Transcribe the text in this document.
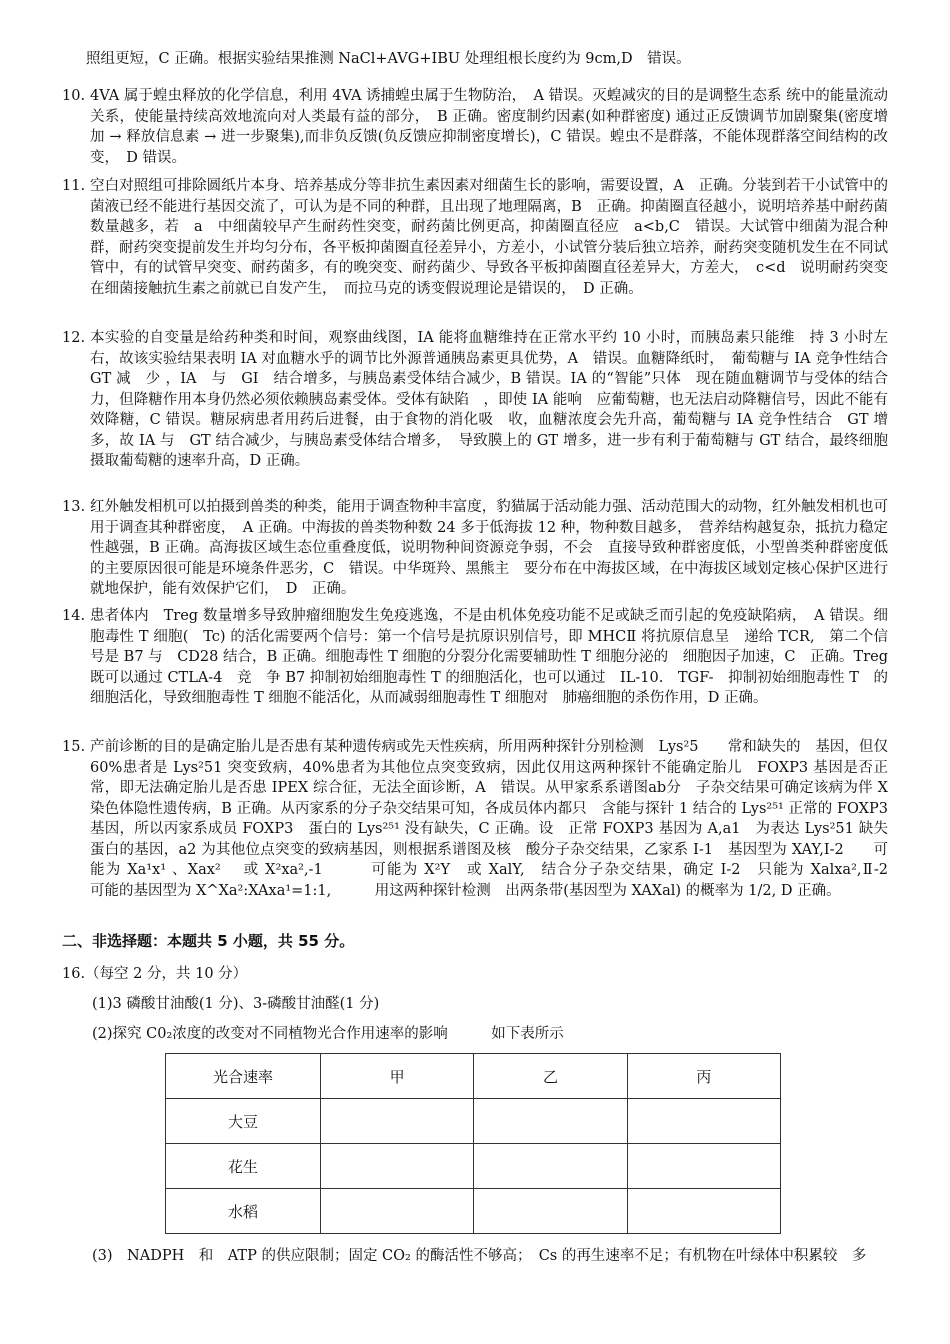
照组更短，C 正确。根据实验结果推测 NaCl+AVG+IBU 处理组根长度约为 9cm,D　错误。
10. 4VA 属于蝗虫释放的化学信息，利用 4VA 诱捕蝗虫属于生物防治，　A 错误。灭蝗减灾的目的是调整生态系 统中的能量流动关系，使能量持续高效地流向对人类最有益的部分，　B 正确。密度制约因素(如种群密度) 通过正反馈调节加剧聚集(密度增加 → 释放信息素 → 进一步聚集),而非负反馈(负反馈应抑制密度增长)，C 错误。蝗虫不是群落，不能体现群落空间结构的改变，　D 错误。
11. 空白对照组可排除圆纸片本身、培养基成分等非抗生素因素对细菌生长的影响，需要设置，A　正确。分装到若干小试管中的菌液已经不能进行基因交流了，可认为是不同的种群，且出现了地理隔离，B　正确。抑菌圈直径越小，说明培养基中耐药菌数量越多，若　a　中细菌较早产生耐药性突变，耐药菌比例更高，抑菌圈直径应　a<b,C　错误。大试管中细菌为混合种群，耐药突变提前发生并均匀分布，各平板抑菌圈直径差异小，方差小，小试管分装后独立培养，耐药突变随机发生在不同试管中，有的试管早突变、耐药菌多，有的晚突变、耐药菌少、导致各平板抑菌圈直径差异大，方差大，　c<d　说明耐药突变在细菌接触抗生素之前就已自发产生，　而拉马克的诱变假说理论是错误的，　D 正确。
12. 本实验的自变量是给药种类和时间，观察曲线图，IA 能将血糖维持在正常水平约 10 小时，而胰岛素只能维　持 3 小时左右，故该实验结果表明 IA 对血糖水乎的调节比外源普通胰岛素更具优势，A　错误。血糖降纸时，　葡萄糖与 IA 竞争性结合 GT 减　少 ，IA　与　GI　结合增多，与胰岛素受体结合减少，B 错误。IA 的“智能”只体　现在随血糖调节与受体的结合力，但降糖作用本身仍然必须依赖胰岛素受体。受体有缺陷　，即使 IA 能响　应葡萄糖，也无法启动降糖信号，因此不能有效降糖，C 错误。糖尿病患者用药后进餐，由于食物的消化吸　收，血糖浓度会先升高，葡萄糖与 IA 竞争性结合　GT 增多，故 IA 与　GT 结合减少，与胰岛素受体结合增多，　导致膜上的 GT 增多，进一步有利于葡萄糖与 GT 结合，最终细胞摄取葡萄糖的速率升高，D 正确。
13. 红外触发相机可以拍摄到兽类的种类，能用于调查物种丰富度，豹猫属于活动能力强、活动范围大的动物，红外触发相机也可用于调查其种群密度，　A 正确。中海拔的兽类物种数 24 多于低海拔 12 种，物种数目越多，　营养结构越复杂，抵抗力稳定性越强，B 正确。高海拔区域生态位重叠度低，说明物种间资源竞争弱，不会　直接导致种群密度低，小型兽类种群密度低的主要原因很可能是环境条件恶劣，C　错误。中华斑羚、黑熊主　要分布在中海拔区域，在中海拔区域划定核心保护区进行就地保护，能有效保护它们，　D　正确。
14. 患者体内　Treg 数量增多导致肿瘤细胞发生免疫逃逸，不是由机体免疫功能不足或缺乏而引起的免疫缺陷病，　A 错误。细胞毒性 T 细胞(　Tc) 的活化需要两个信号：第一个信号是抗原识别信号，即 MHCⅡ 将抗原信息呈　递给 TCR,　第二个信号是 B7 与　CD28 结合，B 正确。细胞毒性 T 细胞的分裂分化需要辅助性 T 细胞分泌的　细胞因子加速，C　正确。Treg 既可以通过 CTLA-4　竞　争 B7 抑制初始细胞毒性 T 的细胞活化，也可以通过　IL-10.　TGF-　抑制初始细胞毒性 T　的细胞活化，导致细胞毒性 T 细胞不能活化，从而减弱细胞毒性 T 细胞对　肺癌细胞的杀伤作用，D 正确。
15. 产前诊断的目的是确定胎儿是否患有某种遗传病或先天性疾病，所用两种探针分别检测　Lys²5　　常和缺失的　基因，但仅 60%患者是 Lys²51 突变致病，40%患者为其他位点突变致病，因此仅用这两种探针不能确定胎儿　FOXP3 基因是否正常，即无法确定胎儿是否患 IPEX 综合征，无法全面诊断，A　错误。从甲家系系谱图ab分　子杂交结果可确定该病为伴 X　染色体隐性遗传病，B 正确。从丙家系的分子杂交结果可知，各成员体内都只　含能与探针 1 结合的 Lys²⁵¹ 正常的 FOXP3 基因，所以丙家系成员 FOXP3　蛋白的 Lys²⁵¹ 没有缺失，C 正确。设　正常 FOXP3 基因为 A,a1　为表达 Lys²51 缺失蛋白的基因，a2 为其他位点突变的致病基因，则根据系谱图及核　酸分子杂交结果，乙家系 I-1　基因型为 XAY,I-2　　可能为 Xa¹x¹ 、Xax²　 或 X²xa²,-1　　　可能为 X²Y　或 XalY,　结合分子杂交结果，确定 I-2　只能为 Xalxa²,Ⅱ-2　　　可能的基因型为 X^Xa²:XAxa¹=1:1,　　　用这两种探针检测　出两条带(基因型为 XAXal) 的概率为 1/2, D 正确。
二、非选择题：本题共 5 小题，共 55 分。
16.（每空 2 分，共 10 分）
(1)3 磷酸甘油酸(1 分)、3-磷酸甘油醛(1 分)
(2)探究 C0₂浓度的改变对不同植物光合作用速率的影响　　　如下表所示
光合速率	甲	乙	丙
大豆			
花生			
水稻			
(3)　NADPH　和　ATP 的供应限制；固定 CO₂ 的酶活性不够高；　Cs 的再生速率不足；有机物在叶绿体中积累较　多
